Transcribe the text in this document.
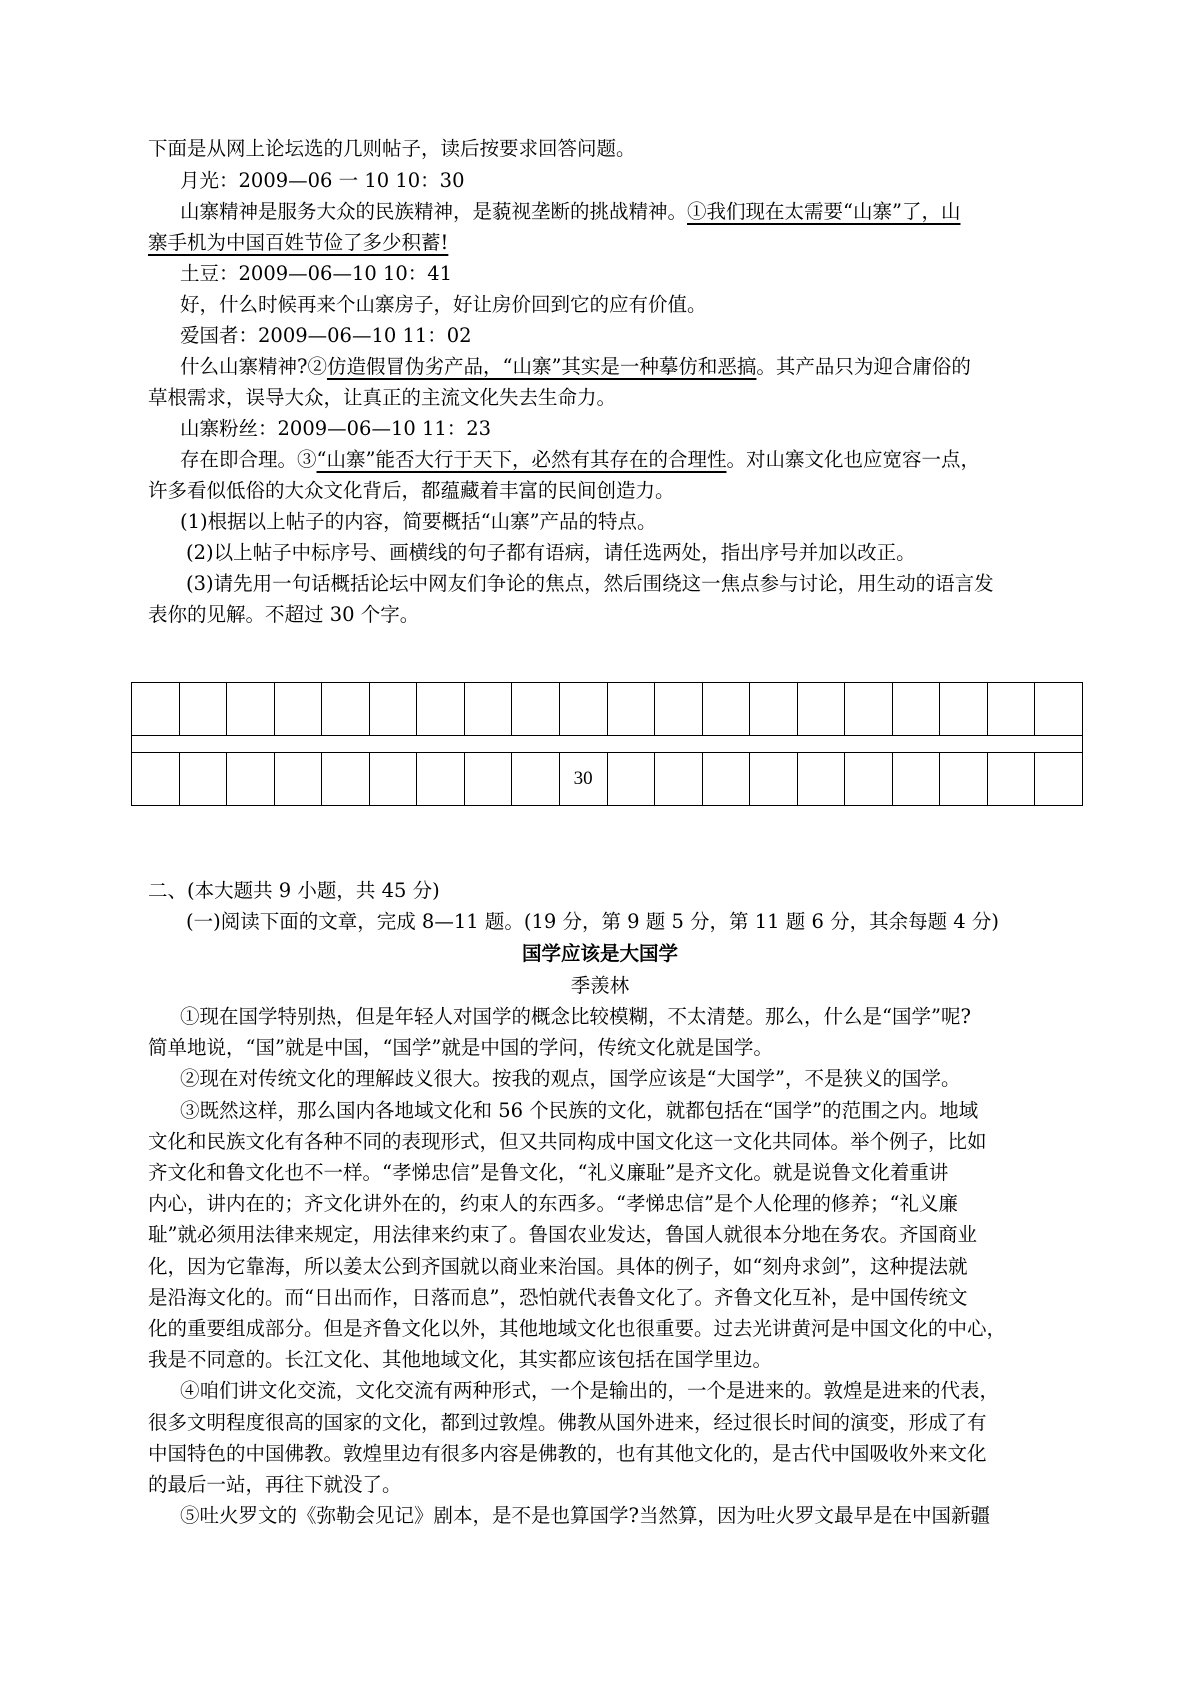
下面是从网上论坛选的几则帖子，读后按要求回答问题。
月光：2009—06 一 10 10：30
山寨精神是服务大众的民族精神，是藐视垄断的挑战精神。①我们现在太需要“山寨”了，山
寨手机为中国百姓节俭了多少积蓄!
土豆：2009—06—10 10：41
好，什么时候再来个山寨房子，好让房价回到它的应有价值。
爱国者：2009—06—10 11：02
什么山寨精神?②仿造假冒伪劣产品，“山寨”其实是一种摹仿和恶搞。其产品只为迎合庸俗的
草根需求，误导大众，让真正的主流文化失去生命力。
山寨粉丝：2009—06—10 11：23
存在即合理。③“山寨”能否大行于天下，必然有其存在的合理性。对山寨文化也应宽容一点，
许多看似低俗的大众文化背后，都蕴藏着丰富的民间创造力。
(1)根据以上帖子的内容，简要概括“山寨”产品的特点。
(2)以上帖子中标序号、画横线的句子都有语病，请任选两处，指出序号并加以改正。
(3)请先用一句话概括论坛中网友们争论的焦点，然后围绕这一焦点参与讨论，用生动的语言发
表你的见解。不超过 30 个字。

									30										
二、(本大题共 9 小题，共 45 分)
(一)阅读下面的文章，完成 8—11 题。(19 分，第 9 题 5 分，第 11 题 6 分，其余每题 4 分)
国学应该是大国学
季羡林
①现在国学特别热，但是年轻人对国学的概念比较模糊，不太清楚。那么，什么是“国学”呢?
简单地说，“国”就是中国，“国学”就是中国的学问，传统文化就是国学。
②现在对传统文化的理解歧义很大。按我的观点，国学应该是“大国学”，不是狭义的国学。
③既然这样，那么国内各地域文化和 56 个民族的文化，就都包括在“国学”的范围之内。地域
文化和民族文化有各种不同的表现形式，但又共同构成中国文化这一文化共同体。举个例子，比如
齐文化和鲁文化也不一样。“孝悌忠信”是鲁文化，“礼义廉耻”是齐文化。就是说鲁文化着重讲
内心，讲内在的；齐文化讲外在的，约束人的东西多。“孝悌忠信”是个人伦理的修养；“礼义廉
耻”就必须用法律来规定，用法律来约束了。鲁国农业发达，鲁国人就很本分地在务农。齐国商业
化，因为它靠海，所以姜太公到齐国就以商业来治国。具体的例子，如“刻舟求剑”，这种提法就
是沿海文化的。而“日出而作，日落而息”，恐怕就代表鲁文化了。齐鲁文化互补，是中国传统文
化的重要组成部分。但是齐鲁文化以外，其他地域文化也很重要。过去光讲黄河是中国文化的中心，
我是不同意的。长江文化、其他地域文化，其实都应该包括在国学里边。
④咱们讲文化交流，文化交流有两种形式，一个是输出的，一个是进来的。敦煌是进来的代表，
很多文明程度很高的国家的文化，都到过敦煌。佛教从国外进来，经过很长时间的演变，形成了有
中国特色的中国佛教。敦煌里边有很多内容是佛教的，也有其他文化的，是古代中国吸收外来文化
的最后一站，再往下就没了。
⑤吐火罗文的《弥勒会见记》剧本，是不是也算国学?当然算，因为吐火罗文最早是在中国新疆
